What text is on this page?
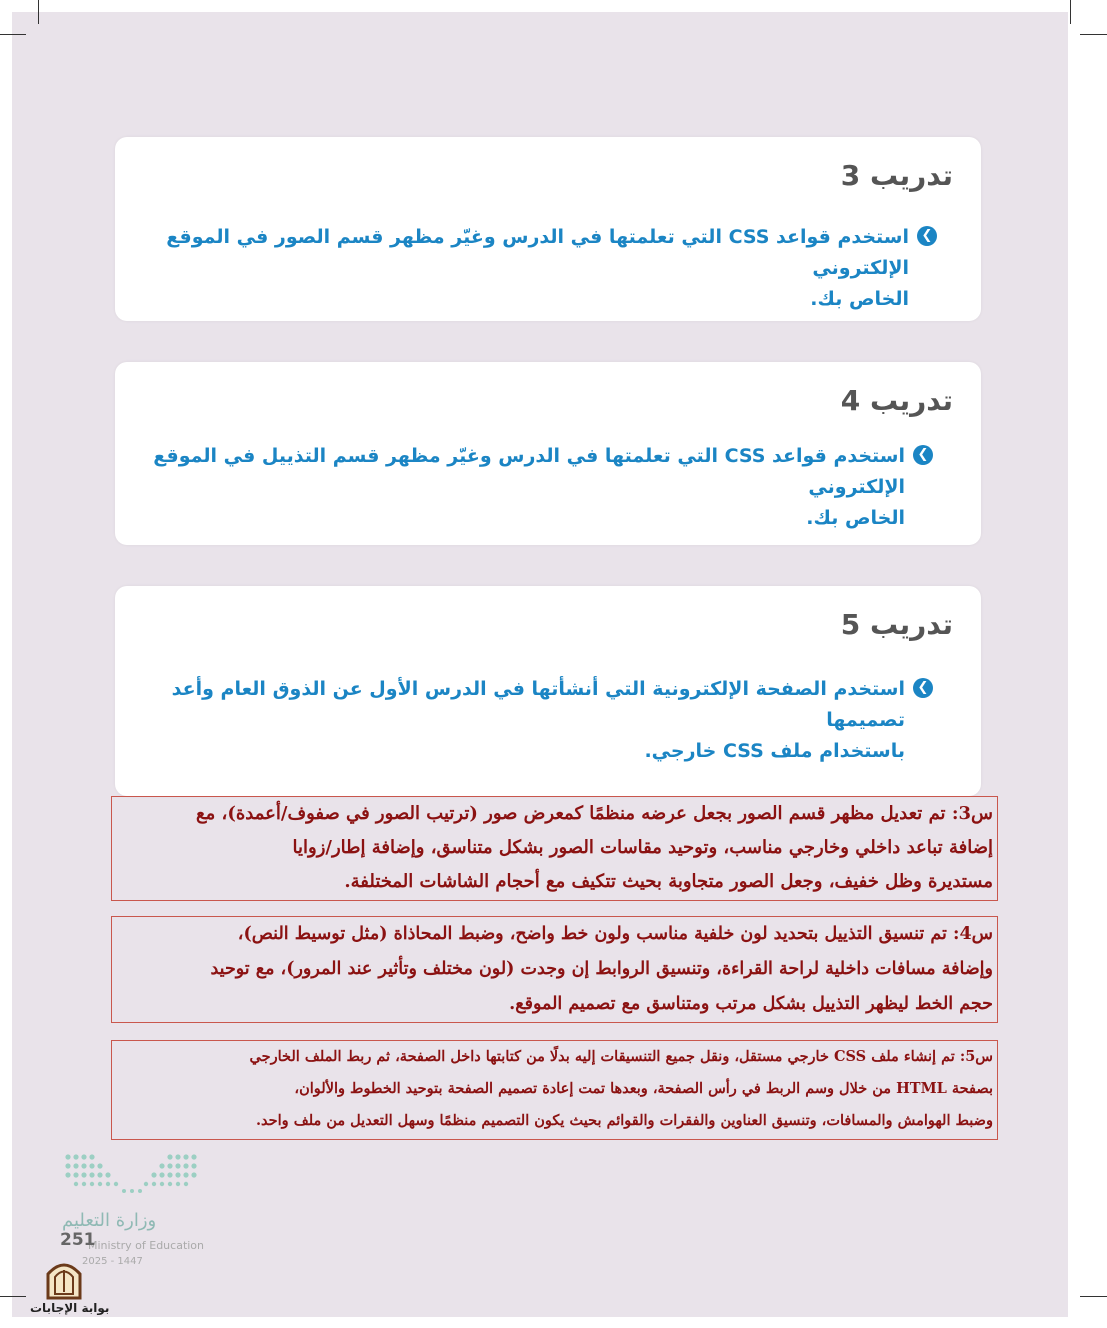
تدريب 3
❮
استخدم قواعد CSS التي تعلمتها في الدرس وغيّر مظهر قسم الصور في الموقع الإلكتروني
الخاص بك.
تدريب 4
❮
استخدم قواعد CSS التي تعلمتها في الدرس وغيّر مظهر قسم التذييل في الموقع الإلكتروني
الخاص بك.
تدريب 5
❮
استخدم الصفحة الإلكترونية التي أنشأتها في الدرس الأول عن الذوق العام وأعد تصميمها
باستخدام ملف CSS خارجي.
س3: تم تعديل مظهر قسم الصور بجعل عرضه منظمًا كمعرض صور (ترتيب الصور في صفوف/أعمدة)، مع
إضافة تباعد داخلي وخارجي مناسب، وتوحيد مقاسات الصور بشكل متناسق، وإضافة إطار/زوايا
مستديرة وظل خفيف، وجعل الصور متجاوبة بحيث تتكيف مع أحجام الشاشات المختلفة.
س4: تم تنسيق التذييل بتحديد لون خلفية مناسب ولون خط واضح، وضبط المحاذاة (مثل توسيط النص)،
وإضافة مسافات داخلية لراحة القراءة، وتنسيق الروابط إن وجدت (لون مختلف وتأثير عند المرور)، مع توحيد
حجم الخط ليظهر التذييل بشكل مرتب ومتناسق مع تصميم الموقع.
س5: تم إنشاء ملف CSS خارجي مستقل، ونقل جميع التنسيقات إليه بدلًا من كتابتها داخل الصفحة، ثم ربط الملف الخارجي
بصفحة HTML من خلال وسم الربط في رأس الصفحة، وبعدها تمت إعادة تصميم الصفحة بتوحيد الخطوط والألوان،
وضبط الهوامش والمسافات، وتنسيق العناوين والفقرات والقوائم بحيث يكون التصميم منظمًا وسهل التعديل من ملف واحد.
وزارة التعليم
Ministry of Education
2025 - 1447
251
بوابة الإجابات
